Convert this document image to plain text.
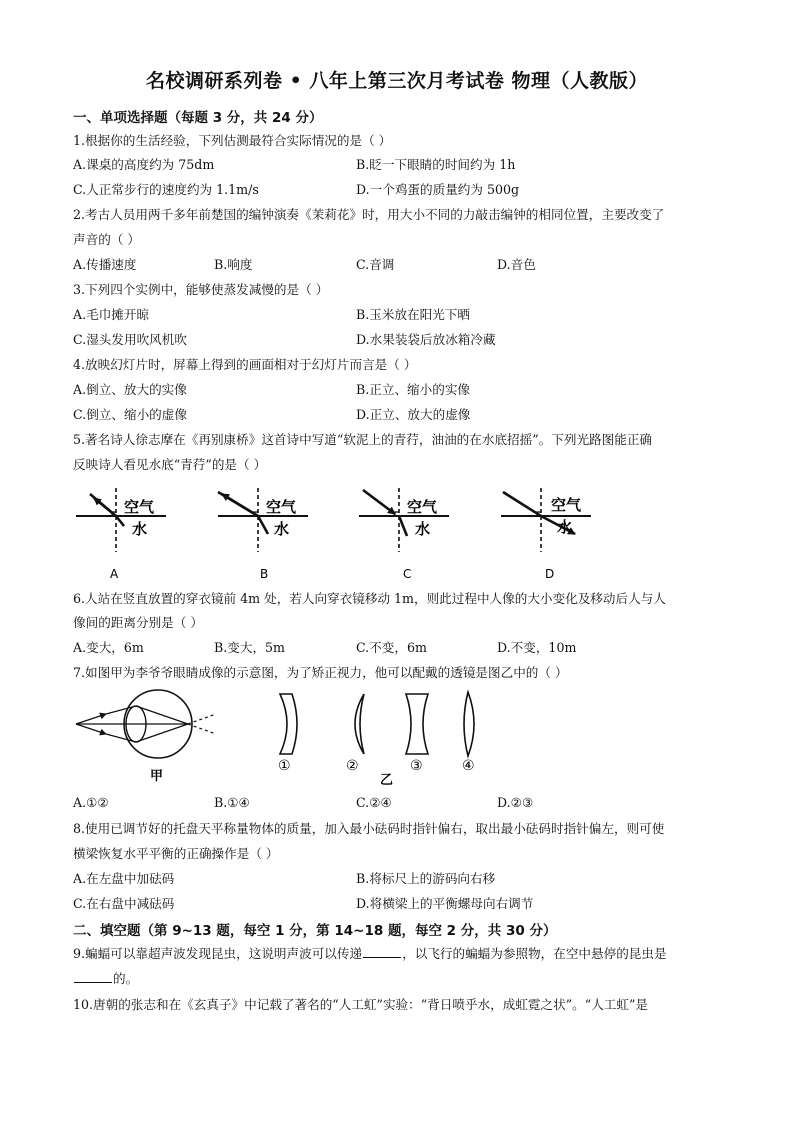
名校调研系列卷 • 八年上第三次月考试卷 物理（人教版）
一、单项选择题（每题 3 分，共 24 分）
1.根据你的生活经验，下列估测最符合实际情况的是（ ）
A.课桌的高度约为 75dm	B.眨一下眼睛的时间约为 1h
C.人正常步行的速度约为 1.1m/s	D.一个鸡蛋的质量约为 500g
2.考古人员用两千多年前楚国的编钟演奏《茉莉花》时，用大小不同的力敲击编钟的相同位置，主要改变了
声音的（ ）
A.传播速度	B.响度	C.音调	D.音色
3.下列四个实例中，能够使蒸发减慢的是（ ）
A.毛巾摊开晾	B.玉米放在阳光下晒
C.湿头发用吹风机吹	D.水果装袋后放冰箱冷藏
4.放映幻灯片时，屏幕上得到的画面相对于幻灯片而言是（ ）
A.倒立、放大的实像	B.正立、缩小的实像
C.倒立、缩小的虚像	D.正立、放大的虚像
5.著名诗人徐志摩在《再别康桥》这首诗中写道“软泥上的青荇，油油的在水底招摇”。下列光路图能正确
反映诗人看见水底“青荇”的是（ ）
空气
水
空气
水
空气
水
空气
水
A	B	C	D
6.人站在竖直放置的穿衣镜前 4m 处，若人向穿衣镜移动 1m，则此过程中人像的大小变化及移动后人与人
像间的距离分别是（ ）
A.变大，6m	B.变大，5m	C.不变，6m	D.不变，10m
7.如图甲为李爷爷眼睛成像的示意图，为了矫正视力，他可以配戴的透镜是图乙中的（ ）
甲
①	②	③	④
乙
A.①②	B.①④	C.②④	D.②③
8.使用已调节好的托盘天平称量物体的质量，加入最小砝码时指针偏右，取出最小砝码时指针偏左，则可使
横梁恢复水平平衡的正确操作是（ ）
A.在左盘中加砝码	B.将标尺上的游码向右移
C.在右盘中减砝码	D.将横梁上的平衡螺母向右调节
二、填空题（第 9~13 题，每空 1 分，第 14~18 题，每空 2 分，共 30 分）
9.蝙蝠可以靠超声波发现昆虫，这说明声波可以传递	，以飞行的蝙蝠为参照物，在空中悬停的昆虫是
的。
10.唐朝的张志和在《玄真子》中记载了著名的“人工虹”实验：“背日喷乎水，成虹霓之状”。“人工虹”是
